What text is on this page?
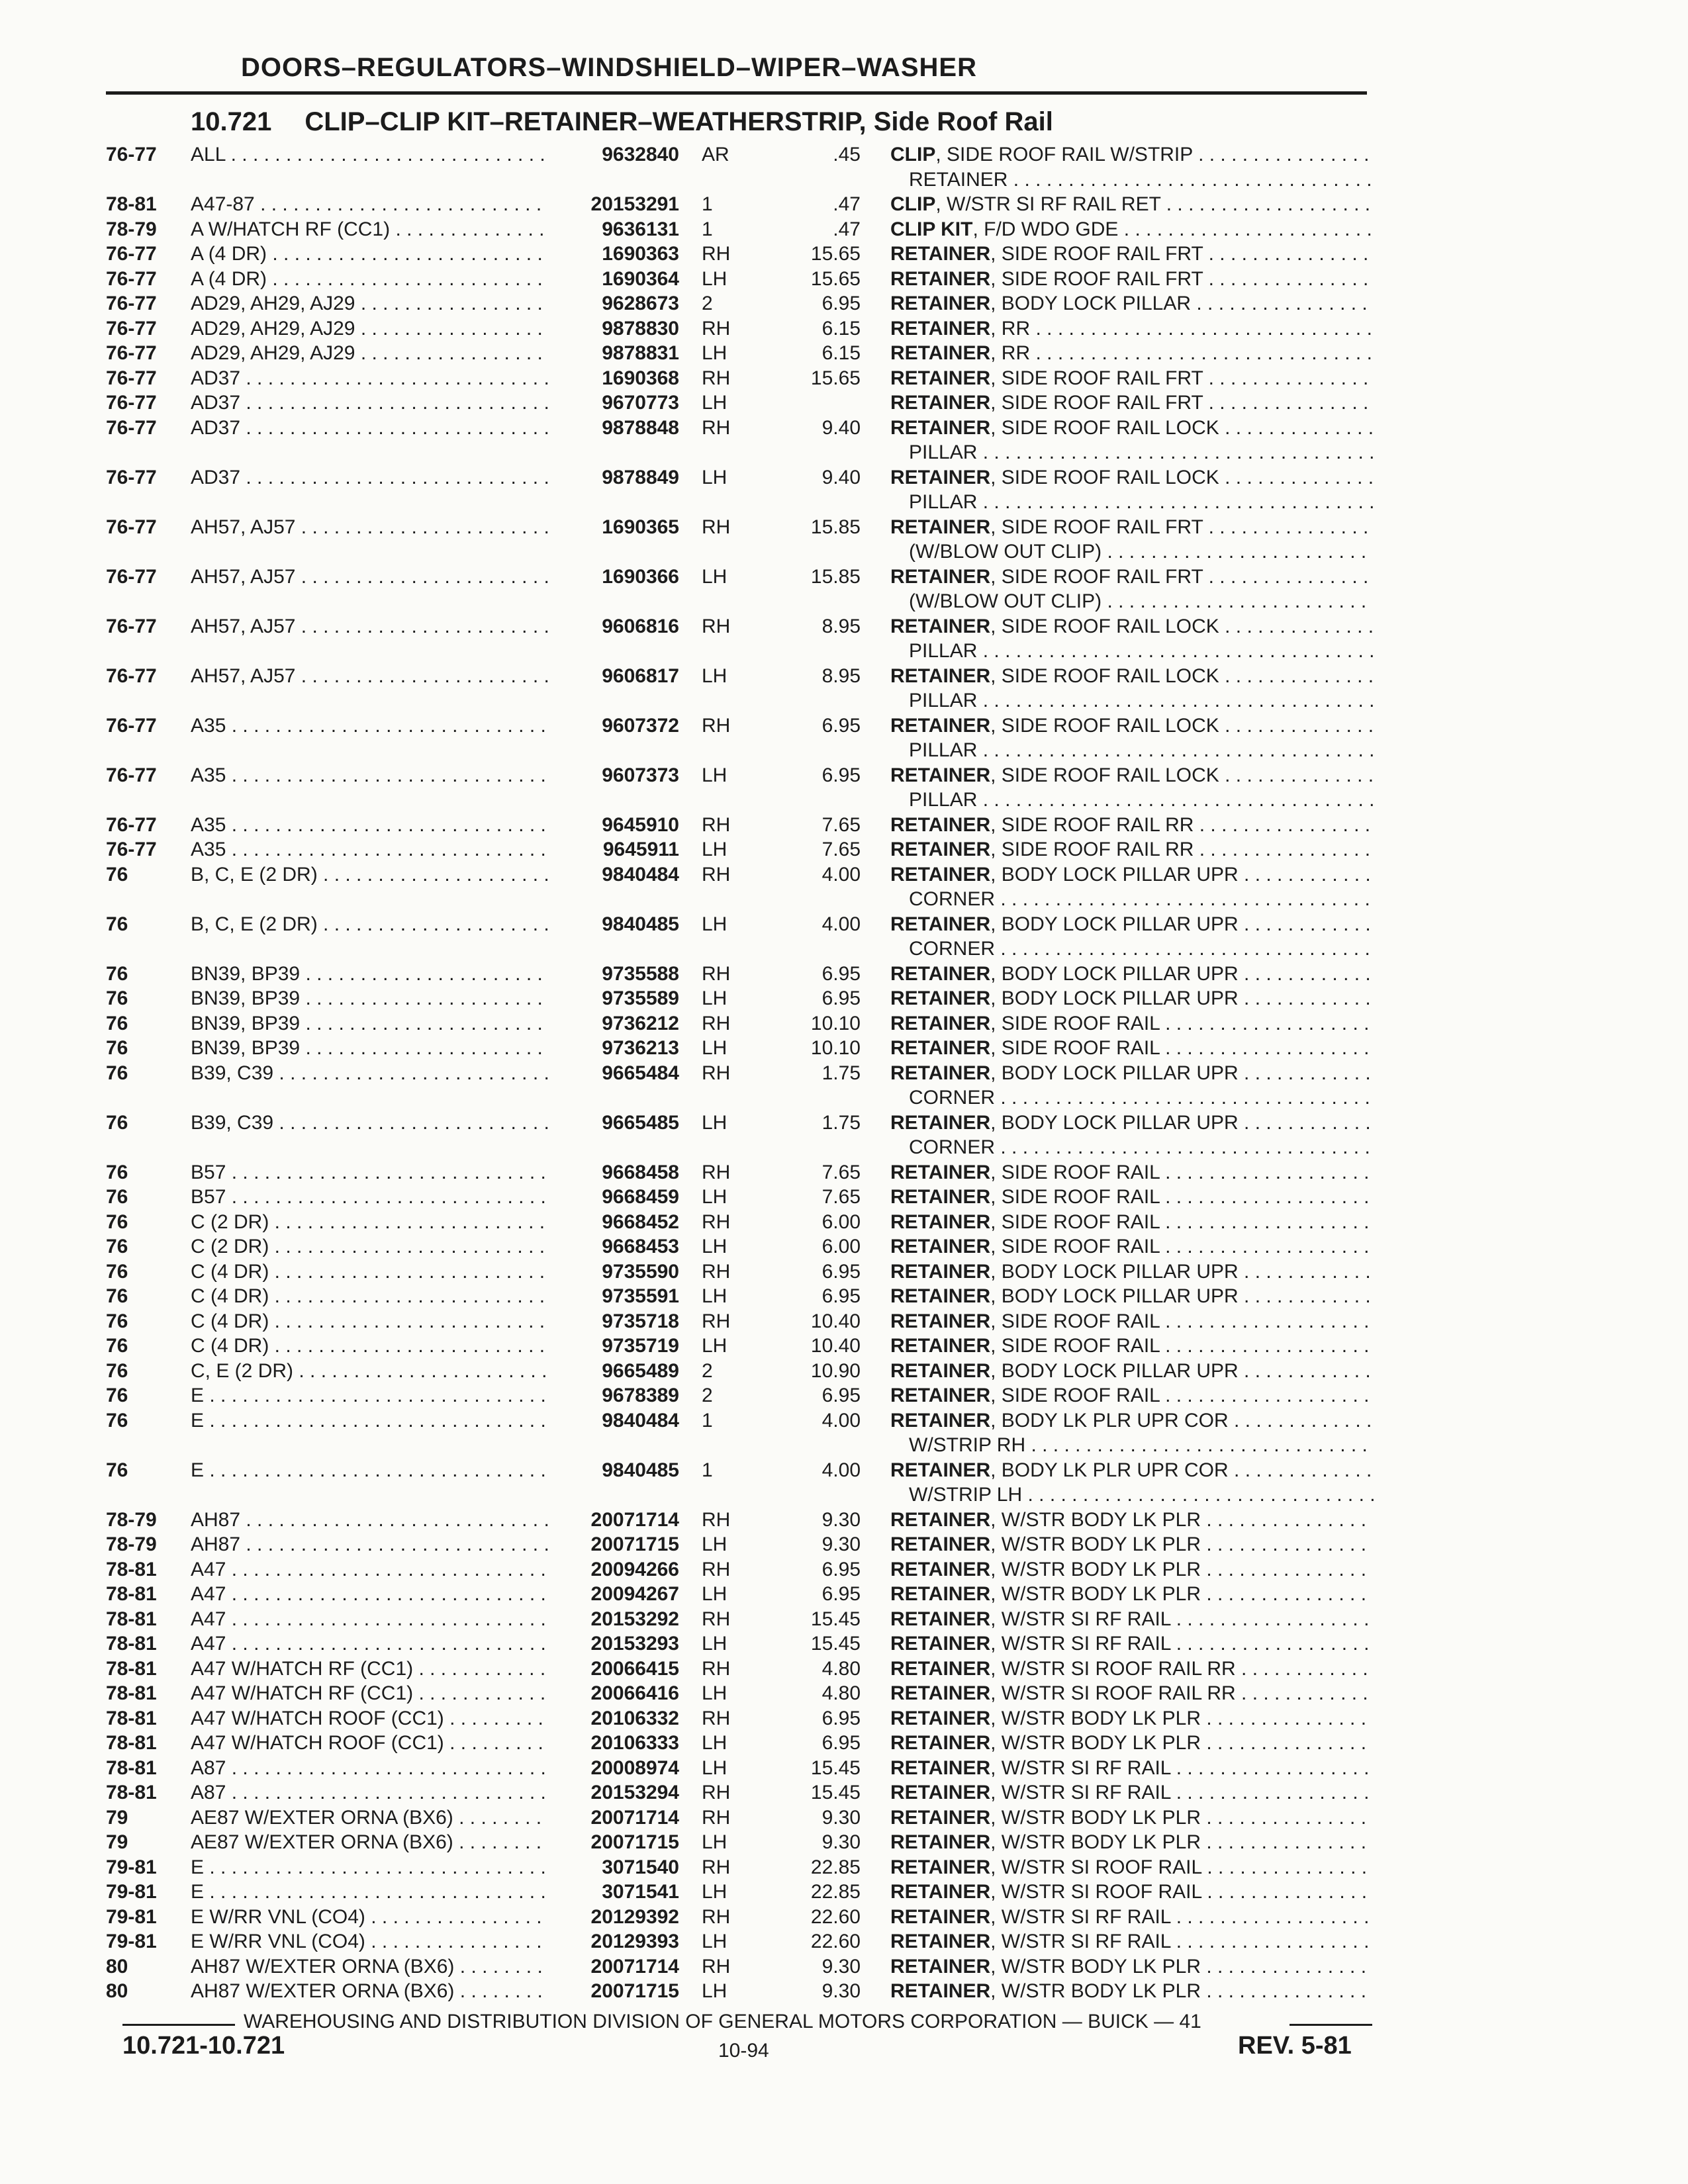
DOORS–REGULATORS–WINDSHIELD–WIPER–WASHER
10.721 CLIP–CLIP KIT–RETAINER–WEATHERSTRIP, Side Roof Rail
76-77 ALL . . .	9632840 AR	.45 CLIP, SIDE ROOF RAIL W/STRIP . . .
RETAINER . . .
78-81 A47-87 . . .	20153291 1	.47 CLIP, W/STR SI RF RAIL RET . . .
78-79 A W/HATCH RF (CC1) . . .	9636131 1	.47 CLIP KIT, F/D WDO GDE . . .
76-77 A (4 DR) . . .	1690363 RH	15.65 RETAINER, SIDE ROOF RAIL FRT . . .
76-77 A (4 DR) . . .	1690364 LH	15.65 RETAINER, SIDE ROOF RAIL FRT . . .
76-77 AD29, AH29, AJ29 . . .	9628673 2	6.95 RETAINER, BODY LOCK PILLAR . . .
76-77 AD29, AH29, AJ29 . . .	9878830 RH	6.15 RETAINER, RR . . .
76-77 AD29, AH29, AJ29 . . .	9878831 LH	6.15 RETAINER, RR . . .
76-77 AD37 . . .	1690368 RH	15.65 RETAINER, SIDE ROOF RAIL FRT . . .
76-77 AD37 . . .	9670773 LH	RETAINER, SIDE ROOF RAIL FRT . . .
76-77 AD37 . . .	9878848 RH	9.40 RETAINER, SIDE ROOF RAIL LOCK . . .
PILLAR . . .
76-77 AD37 . . .	9878849 LH	9.40 RETAINER, SIDE ROOF RAIL LOCK . . .
PILLAR . . .
76-77 AH57, AJ57 . . .	1690365 RH	15.85 RETAINER, SIDE ROOF RAIL FRT . . .
(W/BLOW OUT CLIP) . . .
76-77 AH57, AJ57 . . .	1690366 LH	15.85 RETAINER, SIDE ROOF RAIL FRT . . .
(W/BLOW OUT CLIP) . . .
76-77 AH57, AJ57 . . .	9606816 RH	8.95 RETAINER, SIDE ROOF RAIL LOCK . . .
PILLAR . . .
76-77 AH57, AJ57 . . .	9606817 LH	8.95 RETAINER, SIDE ROOF RAIL LOCK . . .
PILLAR . . .
76-77 A35 . . .	9607372 RH	6.95 RETAINER, SIDE ROOF RAIL LOCK . . .
PILLAR . . .
76-77 A35 . . .	9607373 LH	6.95 RETAINER, SIDE ROOF RAIL LOCK . . .
PILLAR . . .
76-77 A35 . . .	9645910 RH	7.65 RETAINER, SIDE ROOF RAIL RR . . .
76-77 A35 . . .	9645911 LH	7.65 RETAINER, SIDE ROOF RAIL RR . . .
76	B, C, E (2 DR) . . .	9840484 RH	4.00 RETAINER, BODY LOCK PILLAR UPR . . .
CORNER . . .
76	B, C, E (2 DR) . . .	9840485 LH	4.00 RETAINER, BODY LOCK PILLAR UPR . . .
CORNER . . .
76	BN39, BP39 . . .	9735588 RH	6.95 RETAINER, BODY LOCK PILLAR UPR . . .
76	BN39, BP39 . . .	9735589 LH	6.95 RETAINER, BODY LOCK PILLAR UPR . . .
76	BN39, BP39 . . .	9736212 RH	10.10 RETAINER, SIDE ROOF RAIL . . .
76	BN39, BP39 . . .	9736213 LH	10.10 RETAINER, SIDE ROOF RAIL . . .
76	B39, C39 . . .	9665484 RH	1.75 RETAINER, BODY LOCK PILLAR UPR . . .
CORNER . . .
76	B39, C39 . . .	9665485 LH	1.75 RETAINER, BODY LOCK PILLAR UPR . . .
CORNER . . .
76	B57 . . .	9668458 RH	7.65 RETAINER, SIDE ROOF RAIL . . .
76	B57 . . .	9668459 LH	7.65 RETAINER, SIDE ROOF RAIL . . .
76	C (2 DR) . . .	9668452 RH	6.00 RETAINER, SIDE ROOF RAIL . . .
76	C (2 DR) . . .	9668453 LH	6.00 RETAINER, SIDE ROOF RAIL . . .
76	C (4 DR) . . .	9735590 RH	6.95 RETAINER, BODY LOCK PILLAR UPR . . .
76	C (4 DR) . . .	9735591 LH	6.95 RETAINER, BODY LOCK PILLAR UPR . . .
76	C (4 DR) . . .	9735718 RH	10.40 RETAINER, SIDE ROOF RAIL . . .
76	C (4 DR) . . .	9735719 LH	10.40 RETAINER, SIDE ROOF RAIL . . .
76	C, E (2 DR) . . .	9665489 2	10.90 RETAINER, BODY LOCK PILLAR UPR . . .
76	E . . .	9678389 2	6.95 RETAINER, SIDE ROOF RAIL . . .
76	E . . .	9840484 1	4.00 RETAINER, BODY LK PLR UPR COR . . .
W/STRIP RH . . .
76	E . . .	9840485 1	4.00 RETAINER, BODY LK PLR UPR COR . . .
W/STRIP LH . . .
78-79 AH87 . . .	20071714 RH	9.30 RETAINER, W/STR BODY LK PLR . . .
78-79 AH87 . . .	20071715 LH	9.30 RETAINER, W/STR BODY LK PLR . . .
78-81 A47 . . .	20094266 RH	6.95 RETAINER, W/STR BODY LK PLR . . .
78-81 A47 . . .	20094267 LH	6.95 RETAINER, W/STR BODY LK PLR . . .
78-81 A47 . . .	20153292 RH	15.45 RETAINER, W/STR SI RF RAIL . . .
78-81 A47 . . .	20153293 LH	15.45 RETAINER, W/STR SI RF RAIL . . .
78-81 A47 W/HATCH RF (CC1) . . .	20066415 RH	4.80 RETAINER, W/STR SI ROOF RAIL RR . . .
78-81 A47 W/HATCH RF (CC1) . . .	20066416 LH	4.80 RETAINER, W/STR SI ROOF RAIL RR . . .
78-81 A47 W/HATCH ROOF (CC1) . . .	20106332 RH	6.95 RETAINER, W/STR BODY LK PLR . . .
78-81 A47 W/HATCH ROOF (CC1) . . .	20106333 LH	6.95 RETAINER, W/STR BODY LK PLR . . .
78-81 A87 . . .	20008974 LH	15.45 RETAINER, W/STR SI RF RAIL . . .
78-81 A87 . . .	20153294 RH	15.45 RETAINER, W/STR SI RF RAIL . . .
79	AE87 W/EXTER ORNA (BX6) . . .	20071714 RH	9.30 RETAINER, W/STR BODY LK PLR . . .
79	AE87 W/EXTER ORNA (BX6) . . .	20071715 LH	9.30 RETAINER, W/STR BODY LK PLR . . .
79-81 E . . .	3071540 RH	22.85 RETAINER, W/STR SI ROOF RAIL . . .
79-81 E . . .	3071541 LH	22.85 RETAINER, W/STR SI ROOF RAIL . . .
79-81 E W/RR VNL (CO4) . . .	20129392 RH	22.60 RETAINER, W/STR SI RF RAIL . . .
79-81 E W/RR VNL (CO4) . . .	20129393 LH	22.60 RETAINER, W/STR SI RF RAIL . . .
80	AH87 W/EXTER ORNA (BX6) . . .	20071714 RH	9.30 RETAINER, W/STR BODY LK PLR . . .
80	AH87 W/EXTER ORNA (BX6) . . .	20071715 LH	9.30 RETAINER, W/STR BODY LK PLR . . .
WAREHOUSING AND DISTRIBUTION DIVISION OF GENERAL MOTORS CORPORATION — BUICK — 41
10.721-10.721	10-94	REV. 5-81
